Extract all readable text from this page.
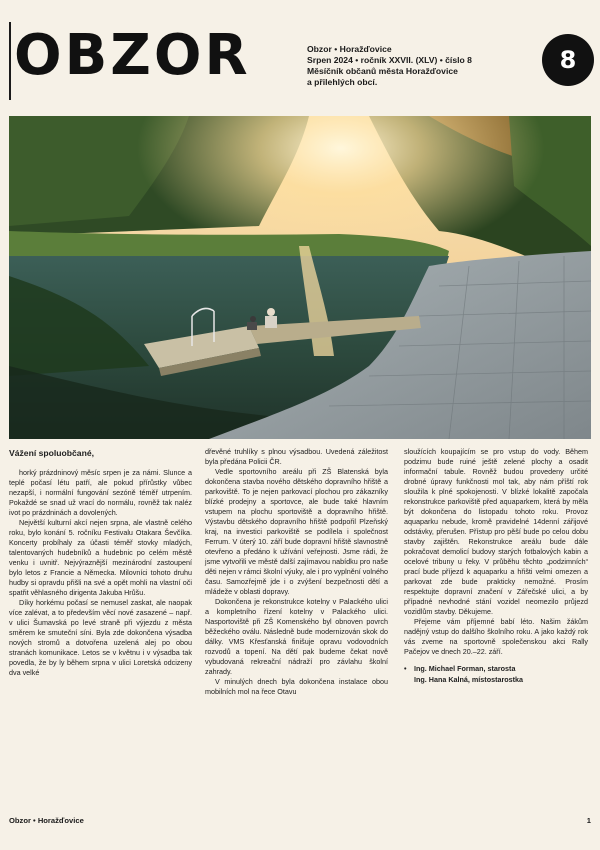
OBZOR	Obzor • Horažďovice
Srpen 2024 • ročník XXVII. (XLV) • číslo 8
Měsíčník občanů města Horažďovice
a přilehlých obcí.
8

Vážení spoluobčané,

horký prázdninový měsíc srpen je za námi. Slunce a teplé počasí létu patří, ale pokud přírůstky vůbec nezapší, i normální fungování sezóně téměř utrpením. Pokaždé se snad už vrací do normálu, rovněž tak naléz ivot po prázdninách a dovolených.

Největší kulturní akcí nejen srpna, ale vlastně celého roku, bylo konání 5. ročníku Festivalu Otakara Ševčíka. Koncerty probíhaly za účasti téměř stovky mladých, talentovaných hudebníků a hudebnic po celém městě venku i uvnitř. Nejvýraznější mezinárodní zastoupení bylo letos z Francie a Německa. Milovníci tohoto druhu hudby si opravdu přišli na své a opět mohli na vlastní oči spatřit věhlasného dirigenta Jakuba Hrůšu.

Díky horkému počasí se nemusel zaskat, ale naopak více zalévat, a to především věcí nové zasazené – např. v ulici Šumavská po levé straně při výjezdu z města směrem ke smuteční síni. Byla zde dokončena výsadba nových stromů a dotvořena uzelená alej po obou stranách komunikace. Letos se v květnu i v výsadba tak povedla, že by ly během srpna v ulici Loretská odcizeny dva velké

dřevěné truhlíky s plnou výsadbou. Uvedená záležitost byla předána Policii ČR.

Vedle sportovního areálu při ZŠ Blatenská byla dokončena stavba nového dětského dopravního hřiště a parkoviště. To je nejen parkovací plochou pro zákazníky blízké prodejny a sportovce, ale bude také hlavním vstupem na plochu sportoviště a dopravního hřiště. Výstavbu dětského dopravního hřiště podpořil Plzeňský kraj, na investici parkoviště se podílela i společnost Ferrum. V úterý 10. září bude dopravní hřiště slavnostně otevřeno a předáno k užívání veřejnosti. Jsme rádi, že jsme vytvořili ve městě další zajímavou nabídku pro naše děti nejen v rámci školní výuky, ale i pro vyplnění volného času. Samozřejmě jde i o zvýšení bezpečnosti dětí a mládeže v oblasti dopravy.

Dokončena je rekonstrukce kotelny v Palackého ulici a kompletního řízení kotelny v Palackého ulici. Nasportoviště při ZŠ Komenského byl obnoven povrch běžeckého oválu. Následně bude modernizován skok do dálky. VMS Křesťanská finišuje opravu vodovodních rozvodů a topení. Na dětí pak budeme čekat nově vybudovaná rekreační nádraží pro závlahu školní zahrady.

V minulých dnech byla dokončena instalace obou mobilních mol na řece Otavu

sloužících koupajícím se pro vstup do vody. Během podzimu bude ruiné ještě zelené plochy a osadit informační tabule. Rovněž budou provedeny určité drobné úpravy funkčnosti mol tak, aby nám příští rok sloužila k plné spokojenosti. V blízké lokalitě započala rekonstrukce parkoviště před aquaparkem, která by měla být dokončena do listopadu tohoto roku. Provoz aquaparku nebude, kromě pravidelné 14denní zářijové odstávky, přerušen. Přístup pro pěší bude po celou dobu stavby zajištěn. Rekonstrukce areálu bude dále pokračovat demolicí budovy starých fotbalových kabin a ocelové tribuny u řeky. V průběhu těchto „podzimních“ prací bude příjezd k aquaparku a hřišti velmi omezen a parkovat zde bude prakticky nemožné. Prosím respektujte dopravní značení v Zářečské ulici, a by případné nevhodné stání vozidel neomezilo průjezd vozidlům stavby. Děkujeme.

Přejeme vám příjemné babí léto. Našim žákům nadějný vstup do dalšího školního roku. A jako každý rok vás zveme na sportovně společenskou akci Rally Pačejov ve dnech 20.–22. září.

•	Ing. Michael Forman, starosta
Ing. Hana Kalná, místostarostka
Obzor • Horažďovice	1
